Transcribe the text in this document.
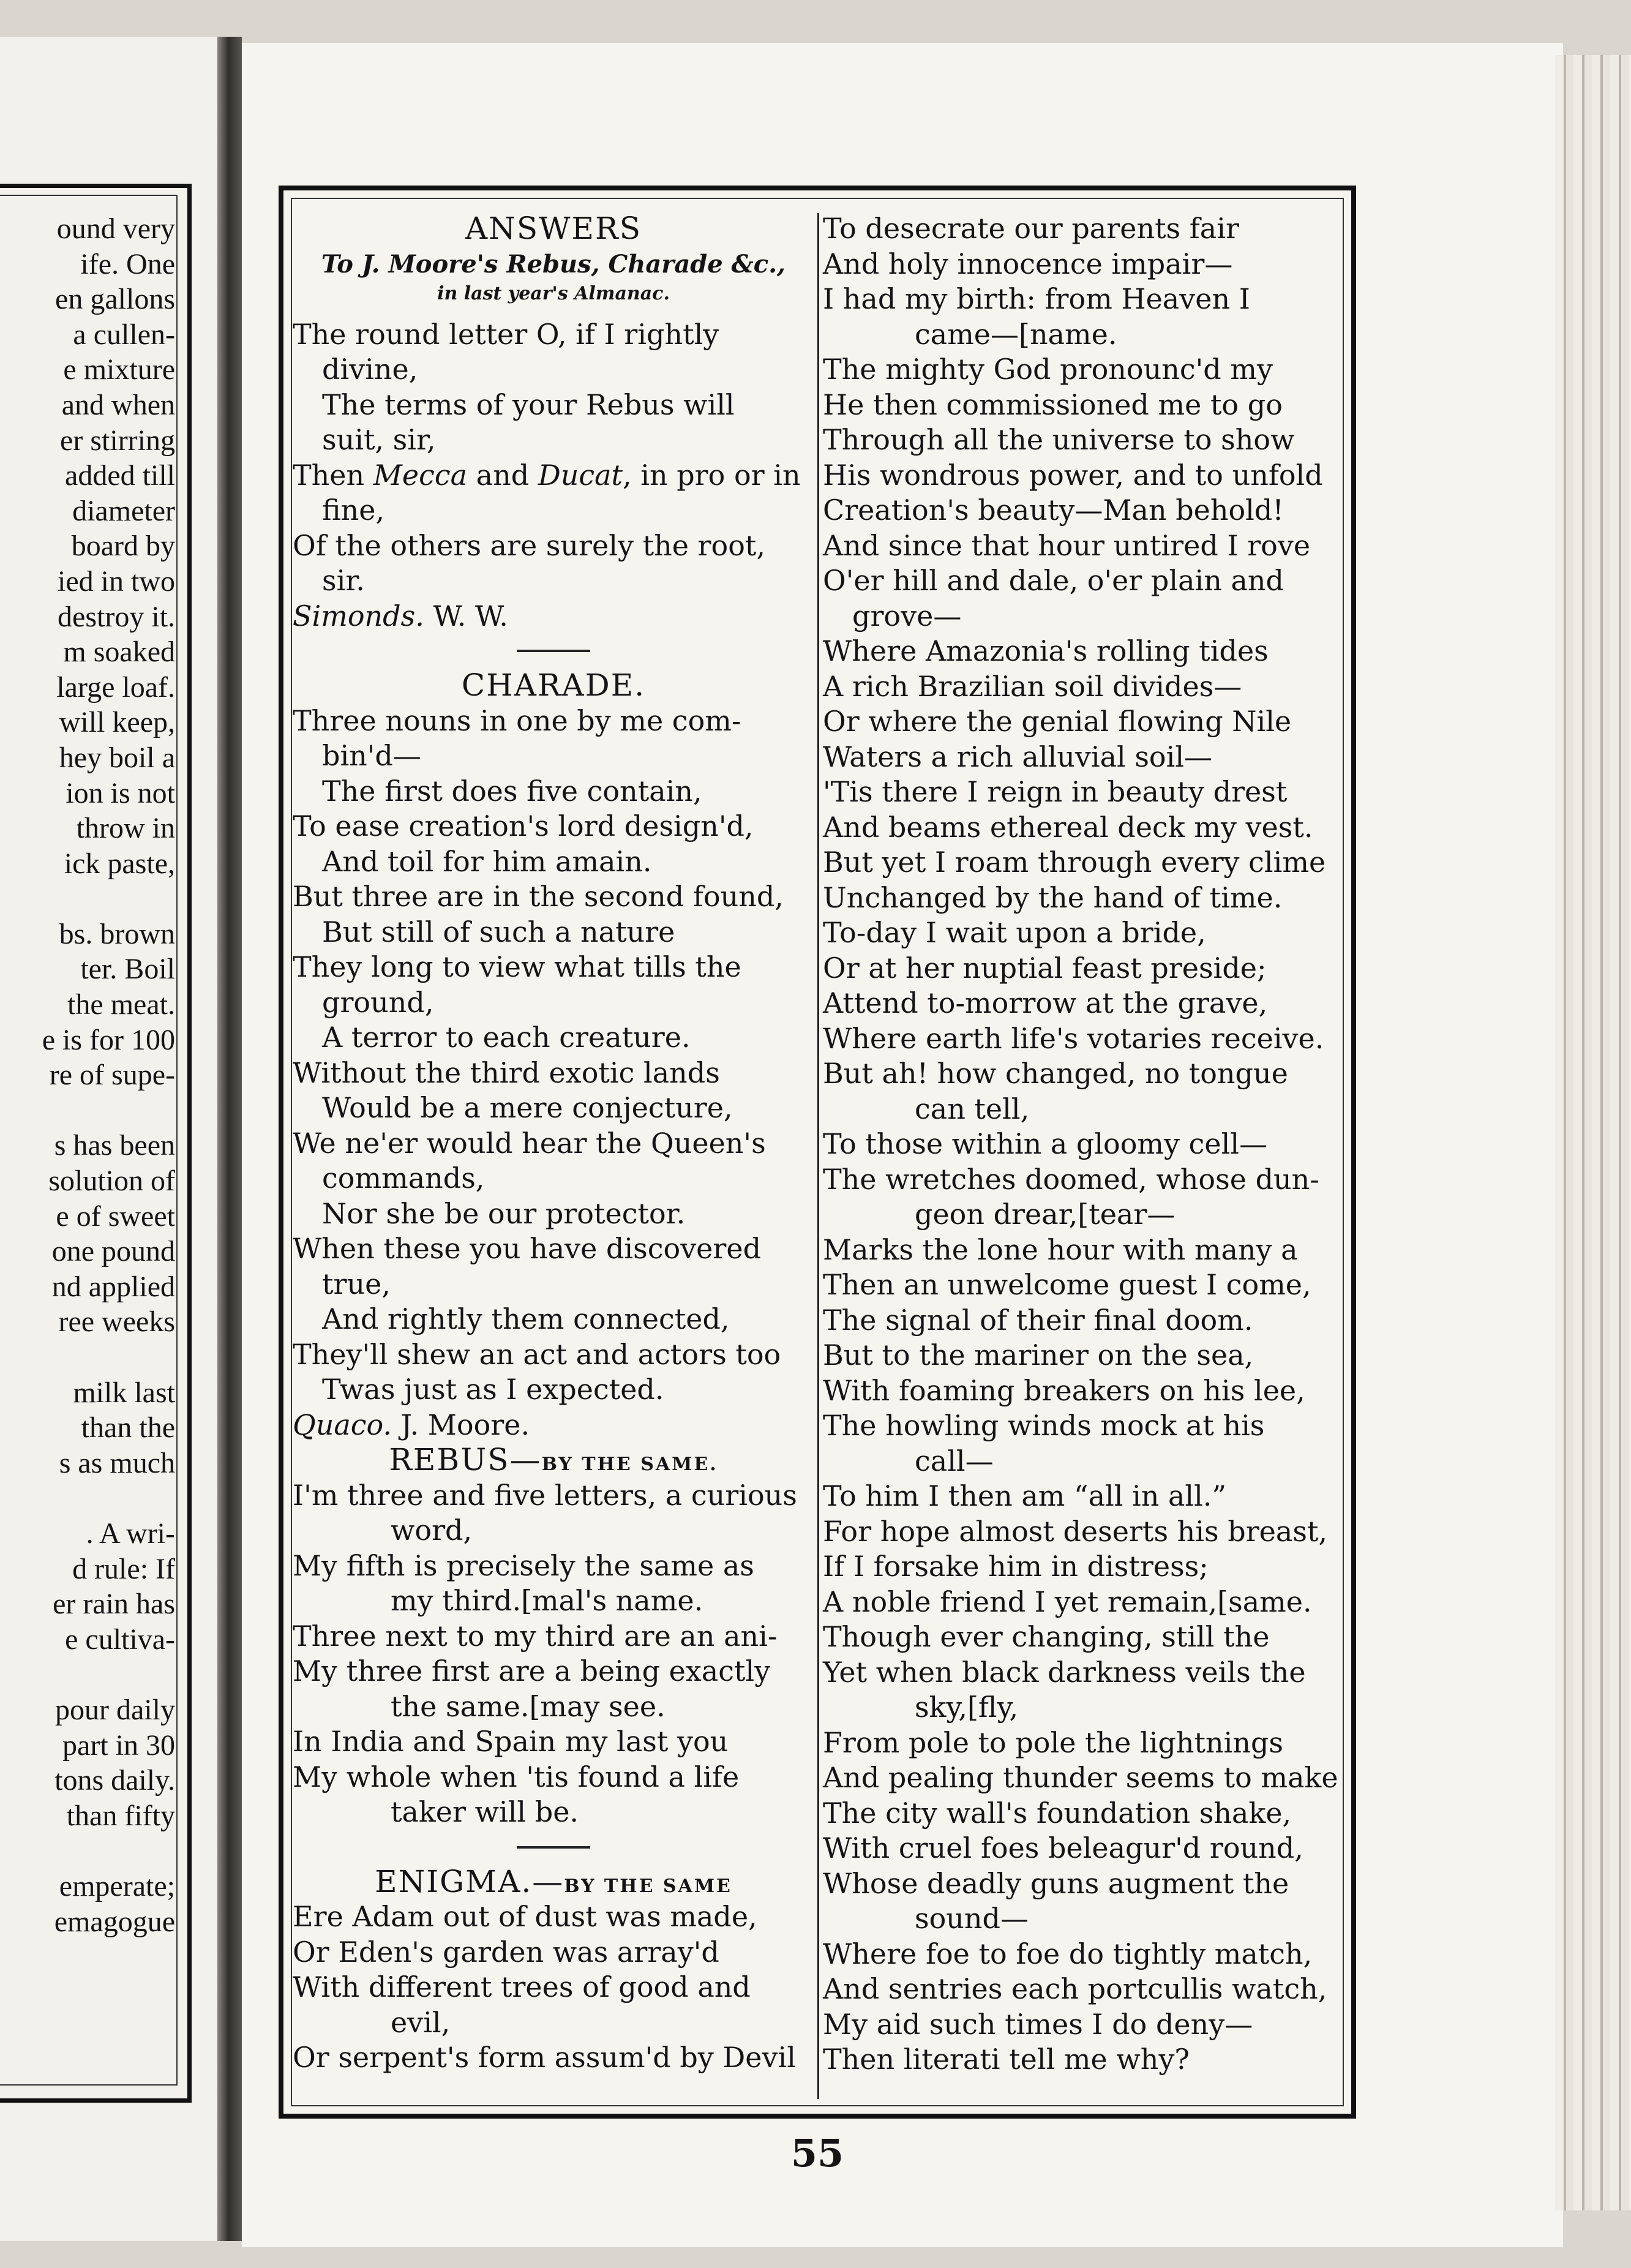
ound very
ife. One
en gallons
a cullen-
e mixture
and when
er stirring
added till
diameter
board by
ied in two
destroy it.
m soaked
large loaf.
will keep,
hey boil a
ion is not
throw in
ick paste,
bs. brown
ter. Boil
the meat.
e is for 100
re of supe-
s has been
solution of
e of sweet
one pound
nd applied
ree weeks
milk last
than the
s as much
. A wri-
d rule: If
er rain has
e cultiva-
pour daily
part in 30
tons daily.
than fifty
emperate;
emagogue
ANSWERS
To J. Moore's Rebus, Charade &c.,
in last year's Almanac.
The round letter O, if I rightly
divine,
The terms of your Rebus will
suit, sir,
Then Mecca and Ducat, in pro or in
fine,
Of the others are surely the root,
sir.
Simonds. W. W.
CHARADE.
Three nouns in one by me com-
bin'd—
The first does five contain,
To ease creation's lord design'd,
And toil for him amain.
But three are in the second found,
But still of such a nature
They long to view what tills the
ground,
A terror to each creature.
Without the third exotic lands
Would be a mere conjecture,
We ne'er would hear the Queen's
commands,
Nor she be our protector.
When these you have discovered
true,
And rightly them connected,
They'll shew an act and actors too
Twas just as I expected.
Quaco. J. Moore.
REBUS—BY THE SAME.
I'm three and five letters, a curious
word,
My fifth is precisely the same as
my third.[mal's name.
Three next to my third are an ani-
My three first are a being exactly
the same.[may see.
In India and Spain my last you
My whole when 'tis found a life
taker will be.
ENIGMA.—BY THE SAME
Ere Adam out of dust was made,
Or Eden's garden was array'd
With different trees of good and
evil,
Or serpent's form assum'd by Devil
To desecrate our parents fair
And holy innocence impair—
I had my birth: from Heaven I
came—[name.
The mighty God pronounc'd my
He then commissioned me to go
Through all the universe to show
His wondrous power, and to unfold
Creation's beauty—Man behold!
And since that hour untired I rove
O'er hill and dale, o'er plain and
grove—
Where Amazonia's rolling tides
A rich Brazilian soil divides—
Or where the genial flowing Nile
Waters a rich alluvial soil—
'Tis there I reign in beauty drest
And beams ethereal deck my vest.
But yet I roam through every clime
Unchanged by the hand of time.
To-day I wait upon a bride,
Or at her nuptial feast preside;
Attend to-morrow at the grave,
Where earth life's votaries receive.
But ah! how changed, no tongue
can tell,
To those within a gloomy cell—
The wretches doomed, whose dun-
geon drear,[tear—
Marks the lone hour with many a
Then an unwelcome guest I come,
The signal of their final doom.
But to the mariner on the sea,
With foaming breakers on his lee,
The howling winds mock at his
call—
To him I then am “all in all.”
For hope almost deserts his breast,
If I forsake him in distress;
A noble friend I yet remain,[same.
Though ever changing, still the
Yet when black darkness veils the
sky,[fly,
From pole to pole the lightnings
And pealing thunder seems to make
The city wall's foundation shake,
With cruel foes beleagur'd round,
Whose deadly guns augment the
sound—
Where foe to foe do tightly match,
And sentries each portcullis watch,
My aid such times I do deny—
Then literati tell me why?
55
